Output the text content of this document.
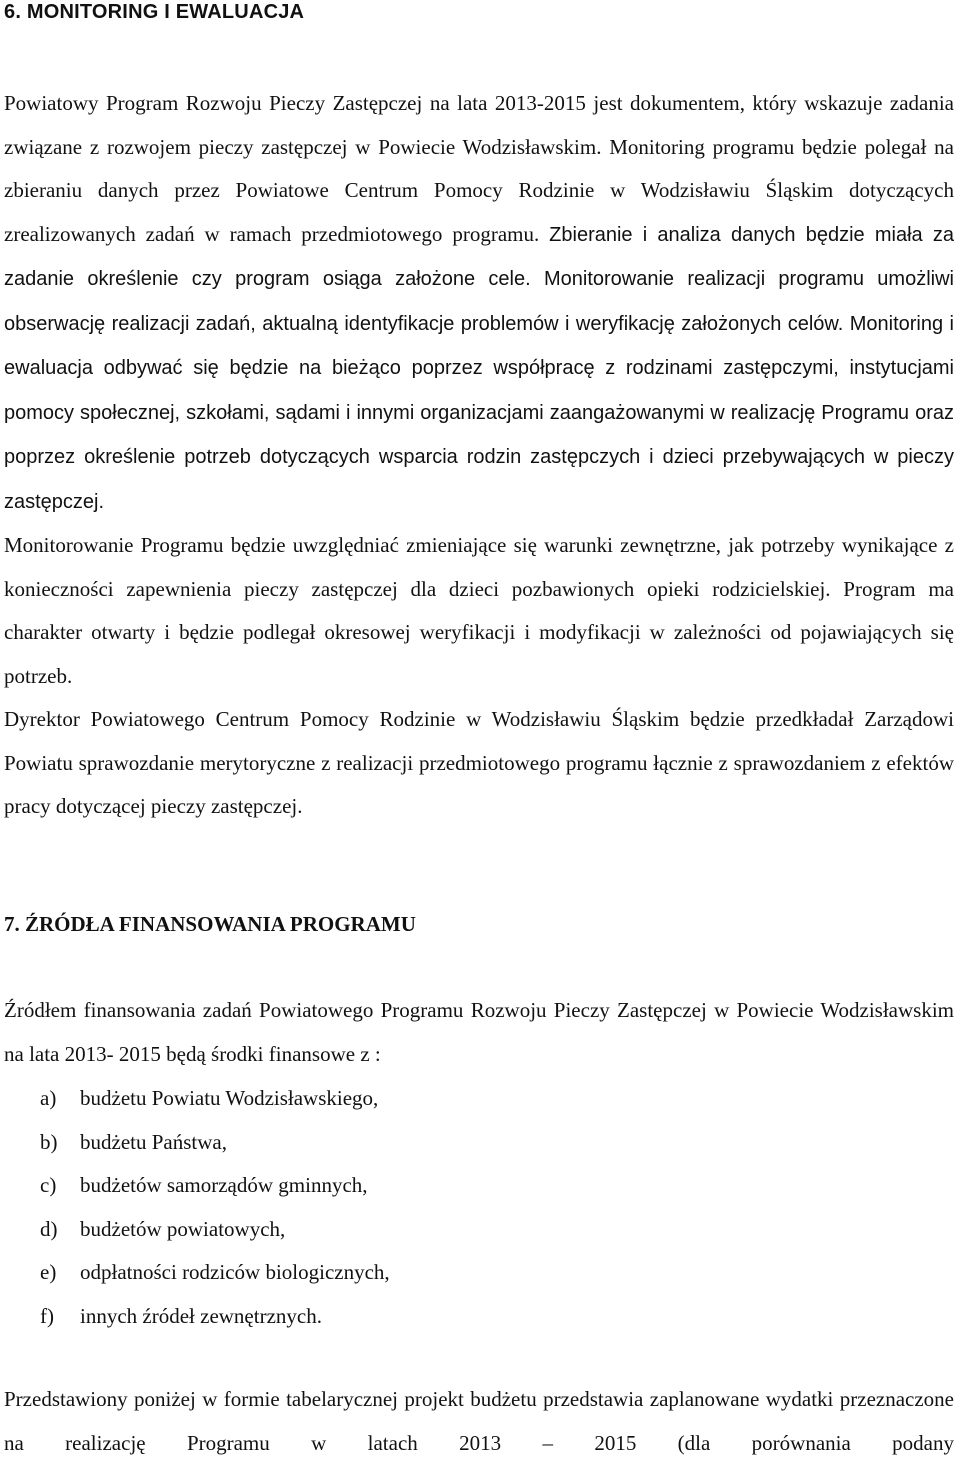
6. MONITORING I EWALUACJA

Powiatowy Program Rozwoju Pieczy Zastępczej na lata 2013-2015 jest dokumentem, który wskazuje zadania związane z rozwojem pieczy zastępczej w Powiecie Wodzisławskim. Monitoring programu będzie polegał na zbieraniu danych przez Powiatowe Centrum Pomocy Rodzinie w Wodzisławiu Śląskim dotyczących zrealizowanych zadań w ramach przedmiotowego programu. Zbieranie i analiza danych będzie miała za zadanie określenie czy program osiąga założone cele. Monitorowanie realizacji programu umożliwi obserwację realizacji zadań, aktualną identyfikacje problemów i weryfikację założonych celów. Monitoring i ewaluacja odbywać się będzie na bieżąco poprzez współpracę z rodzinami zastępczymi, instytucjami pomocy społecznej, szkołami, sądami i innymi organizacjami zaangażowanymi w realizację Programu oraz poprzez określenie potrzeb dotyczących wsparcia rodzin zastępczych i dzieci przebywających w pieczy zastępczej.

Monitorowanie Programu będzie uwzględniać zmieniające się warunki zewnętrzne, jak potrzeby wynikające z konieczności zapewnienia pieczy zastępczej dla dzieci pozbawionych opieki rodzicielskiej. Program ma charakter otwarty i będzie podlegał okresowej weryfikacji i modyfikacji w zależności od pojawiających się potrzeb.

Dyrektor Powiatowego Centrum Pomocy Rodzinie w Wodzisławiu Śląskim będzie przedkładał Zarządowi Powiatu sprawozdanie merytoryczne z realizacji przedmiotowego programu łącznie z sprawozdaniem z efektów pracy dotyczącej pieczy zastępczej.

7. ŹRÓDŁA FINANSOWANIA PROGRAMU

Źródłem finansowania zadań Powiatowego Programu Rozwoju Pieczy Zastępczej w Powiecie Wodzisławskim na lata 2013- 2015 będą środki finansowe z :

a) budżetu Powiatu Wodzisławskiego,
b) budżetu Państwa,
c) budżetów samorządów gminnych,
d) budżetów powiatowych,
e) odpłatności rodziców biologicznych,
f) innych źródeł zewnętrznych.

Przedstawiony poniżej w formie tabelarycznej projekt budżetu przedstawia zaplanowane wydatki przeznaczone na realizację Programu w latach 2013 – 2015 (dla porównania podany
